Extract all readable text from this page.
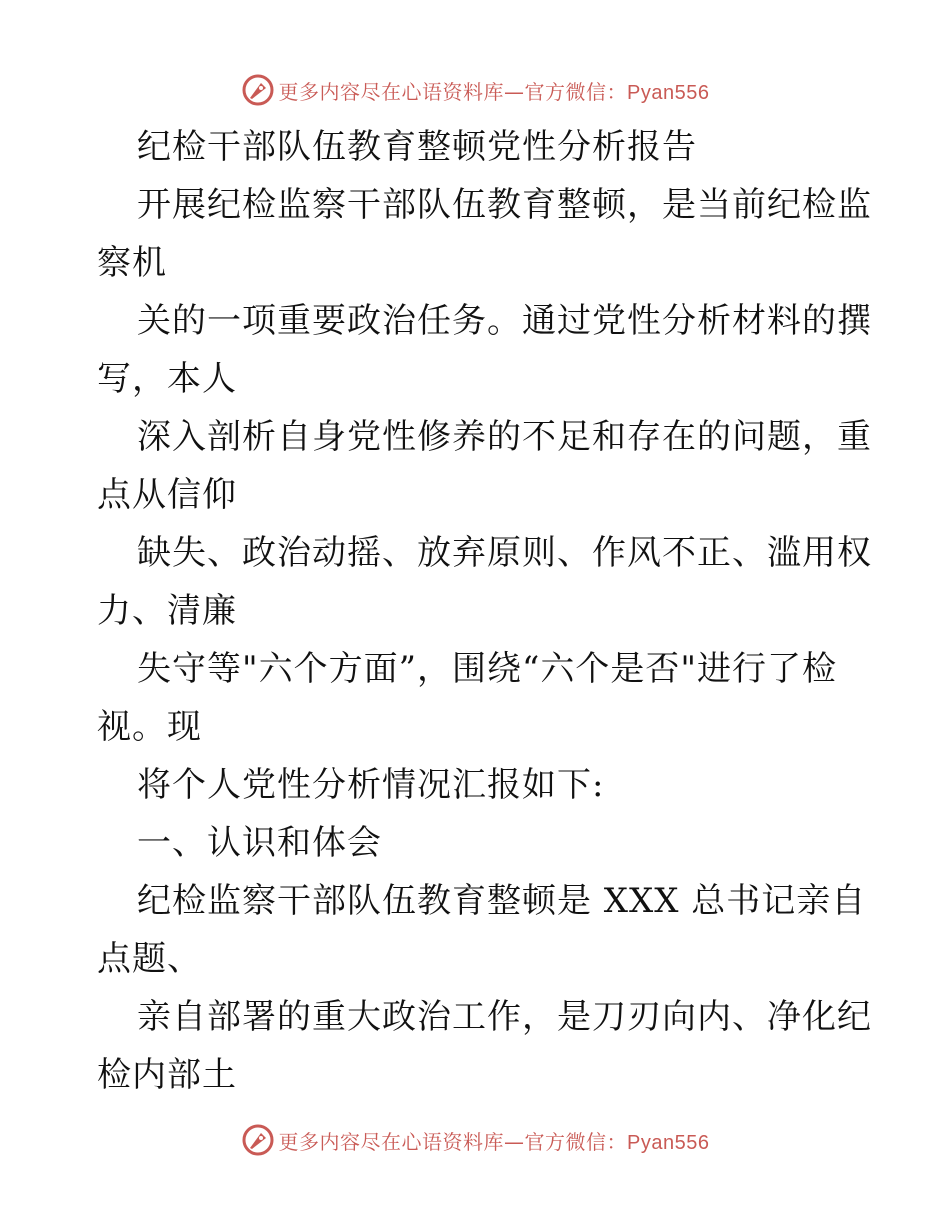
更多内容尽在心语资料库—官方微信：Pyan556
纪检干部队伍教育整顿党性分析报告
开展纪检监察干部队伍教育整顿，是当前纪检监
察机
关的一项重要政治任务。通过党性分析材料的撰
写，本人
深入剖析自身党性修养的不足和存在的问题，重
点从信仰
缺失、政治动摇、放弃原则、作风不正、滥用权
力、清廉
失守等"六个方面”，围绕“六个是否"进行了检
视。现
将个人党性分析情况汇报如下:
一、认识和体会
纪检监察干部队伍教育整顿是 XXX 总书记亲自
点题、
亲自部署的重大政治工作，是刀刃向内、净化纪
检内部土
更多内容尽在心语资料库—官方微信：Pyan556
